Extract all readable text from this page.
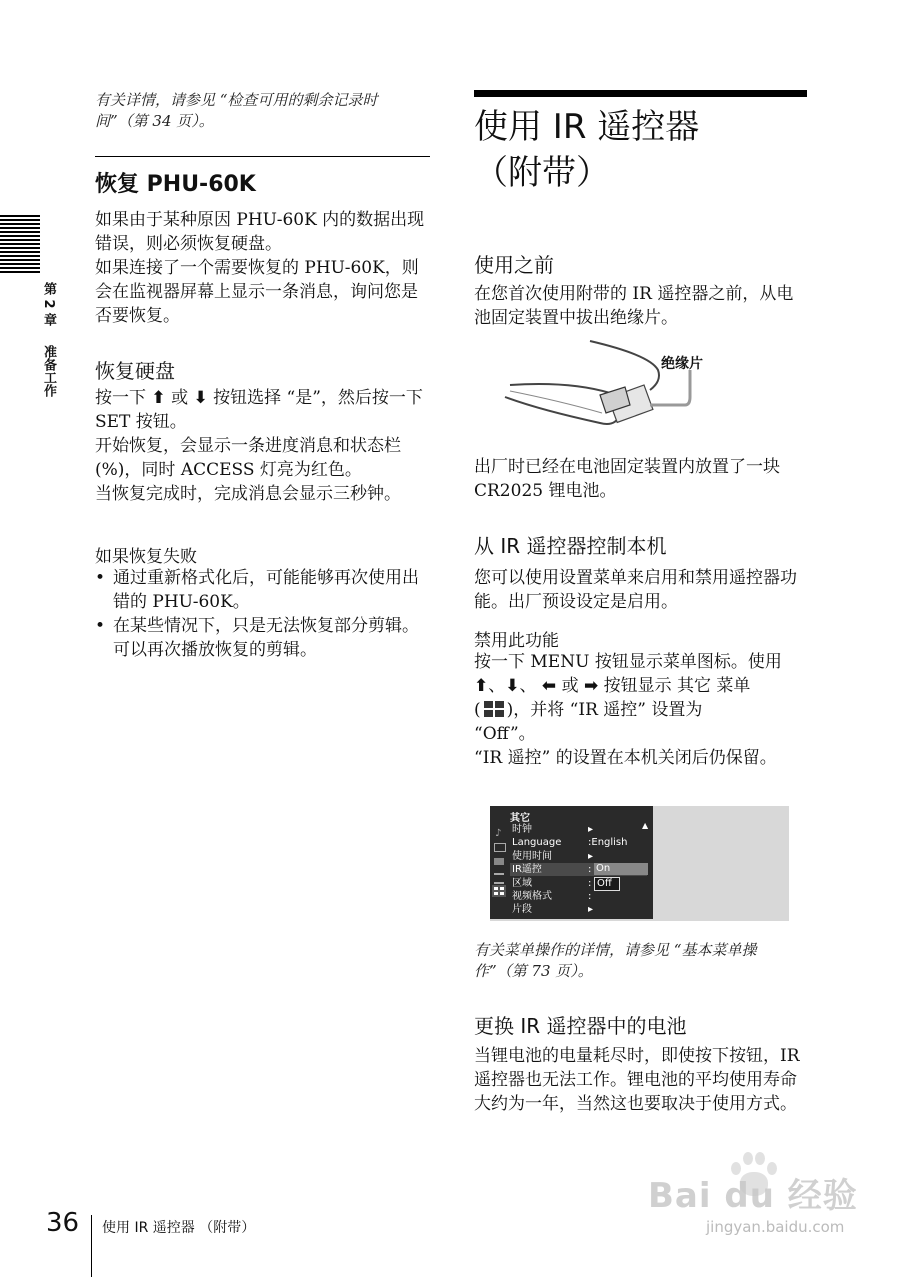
第 2 章  准备工作
有关详情，请参见 “检查可用的剩余记录时间”（第 34 页）。
恢复 PHU-60K
如果由于某种原因 PHU-60K 内的数据出现错误，则必须恢复硬盘。
如果连接了一个需要恢复的 PHU-60K，则会在监视器屏幕上显示一条消息，询问您是否要恢复。
恢复硬盘
按一下 ⬆ 或 ⬇ 按钮选择 “是”，然后按一下 SET 按钮。
开始恢复，会显示一条进度消息和状态栏 (%)，同时 ACCESS 灯亮为红色。
当恢复完成时，完成消息会显示三秒钟。
如果恢复失败
• 通过重新格式化后，可能能够再次使用出错的 PHU-60K。
• 在某些情况下，只是无法恢复部分剪辑。可以再次播放恢复的剪辑。
使用 IR 遥控器
（附带）
使用之前
在您首次使用附带的 IR 遥控器之前，从电池固定装置中拔出绝缘片。
绝缘片
出厂时已经在电池固定装置内放置了一块 CR2025 锂电池。
从 IR 遥控器控制本机
您可以使用设置菜单来启用和禁用遥控器功能。出厂预设设定是启用。
禁用此功能
按一下 MENU 按钮显示菜单图标。使用
⬆、⬇、 ⬅ 或 ➡ 按钮显示 其它 菜单
( )，并将 “IR 遥控” 设置为
“Off”。
“IR 遥控” 的设置在本机关闭后仍保留。
其它
♪
▲
时钟	▸
Language	:English
使用时间	▸
IR遥控	:
区域	:
视频格式	:
片段	▸
On
Off
有关菜单操作的详情，请参见 “基本菜单操作”（第 73 页）。
更换 IR 遥控器中的电池
当锂电池的电量耗尽时，即使按下按钮，IR 遥控器也无法工作。锂电池的平均使用寿命大约为一年，当然这也要取决于使用方式。
36 使用 IR 遥控器 （附带）
Bai du 经验
jingyan.baidu.com
